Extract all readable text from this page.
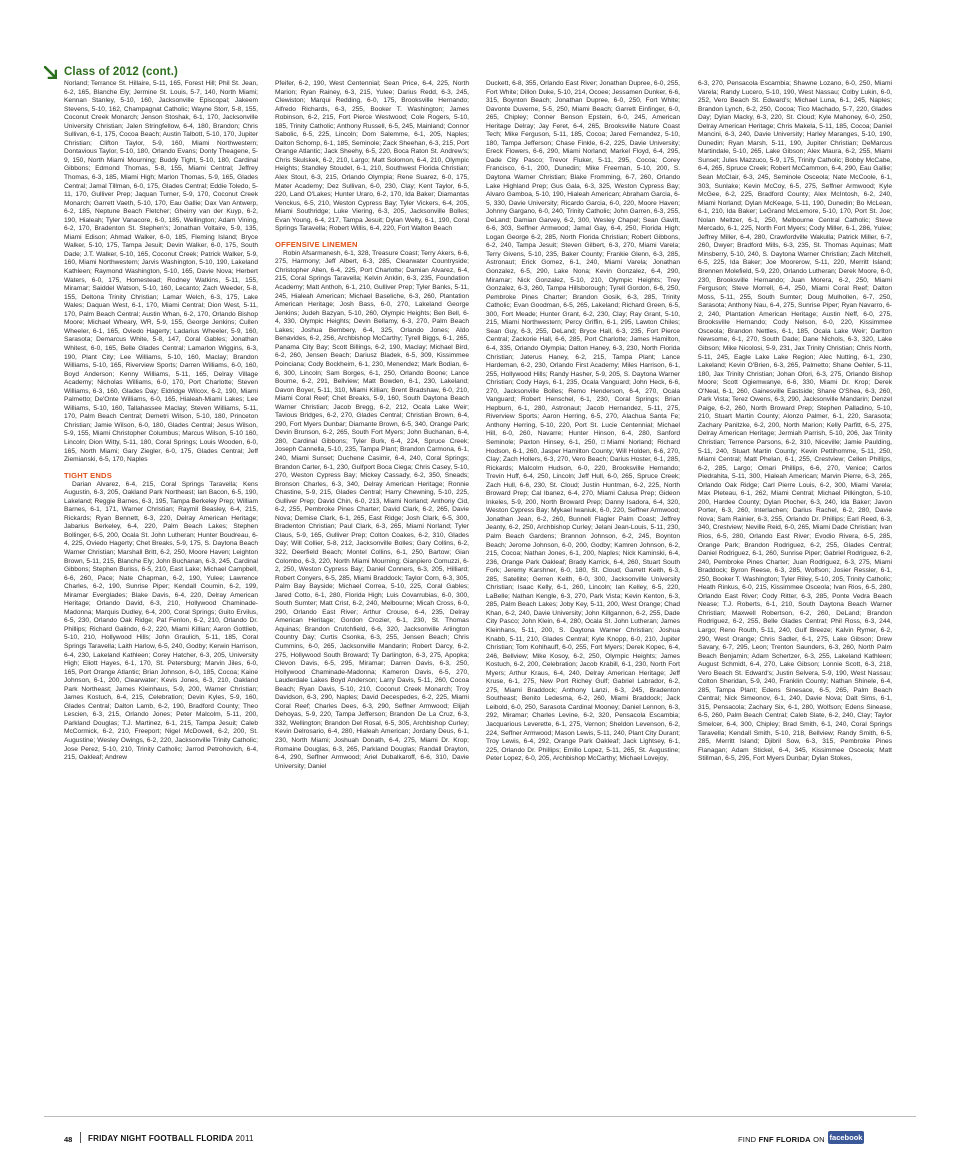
Class of 2012 (cont.)

Norland; Terrance St. Hillaire, 5-11, 165, Forest Hill; Phil St. Jean, 6-2, 165, Blanche Ely; Jermine St. Louis, 5-7, 140, North Miami; Kennan Stanley, 5-10, 160, Jacksonville Episcopal; Jakeem Stevens, 5-10, 162, Champagnat Catholic; Wayne Storr, 5-8, 155, Coconut Creek Monarch; Jenson Stoshak, 6-1, 170, Jacksonville University Christian; Jalen Stringfellow, 6-4, 180, Brandon; Chris Sullivan, 6-1, 175, Cocoa Beach; Austin Talbott, 5-10, 170, Jupiter Christian; Clifton Taylor, 5-9, 160, Miami Northwestern; Dontavious Taylor, 5-10, 180, Orlando Evans; Donty Theagene, 5-9, 150, North Miami Mourning; Buddy Tight, 5-10, 180, Cardinal Gibbons; Edmond Thomas, 5-8, 155, Miami Central; Jeffrey Thomas, 6-3, 185, Miami High; Marlon Thomas, 5-9, 165, Glades Central; Jamal Tillman, 6-0, 175, Glades Central; Eddie Toledo, 5-11, 170, Gulliver Prep; Jaquan Turner, 5-9, 170, Coconut Creek Monarch; Garrett Vaeth, 5-10, 170, Eau Gallie; Dax Van Antwerp, 6-2, 185, Neptune Beach Fletcher; Gheirry van der Kuyp, 6-2, 190, Hialeah; Tyler Vanacore, 6-0, 185, Wellington; Adam Vining, 6-2, 170, Bradenton St. Stephen's; Jonathan Voltaire, 5-9, 135, Miami Edison; Ahmad Walker, 6-0, 185, Fleming Island; Bryce Walker, 5-10, 175, Tampa Jesuit; Devin Walker, 6-0, 175, South Dade; J.T. Walker, 5-10, 165, Coconut Creek; Patrick Walker, 5-9, 160, Miami Northwestern; Jarvis Washington, 5-10, 190, Lakeland Kathleen; Raymond Washington, 5-10, 165, Davie Nova; Herbert Waters, 6-0, 175, Homestead; Rodney Watkins, 5-11, 155, Miramar; Saiddel Watson, 5-10, 160, Lecanto; Zach Weeder, 5-8, 155, Deltona Trinity Christian; Lamar Welch, 6-3, 175, Lake Wales; Daquan West, 6-1, 170, Miami Central; Dion West, 5-11, 170, Palm Beach Central; Austin Whan, 6-2, 170, Orlando Bishop Moore; Michael Wheary, WR, 5-9, 155, George Jenkins; Cullen Wheeler, 6-1, 165, Oviedo Hagerty; Ladarius Wheeler, 5-9, 160, Sarasota; Demarcus White, 5-8, 147, Coral Gables; Jonathan Whitest, 6-0, 165, Belle Glades Central; Lamarlon Wiggins, 6-3, 190, Plant City; Lee Williams, 5-10, 160, Maclay; Brandon Williams, 5-10, 165, Riverview Sports; Darren Williams, 6-0, 160, Boyd Anderson; Kenny Williams, 5-11, 165, Delray Village Academy; Nicholas Williams, 6-0, 170, Port Charlotte; Steven Williams, 6-3, 160, Glades Day; Eldridge Wilcox, 6-2, 190, Miami Palmetto; De'Onte Williams, 6-0, 165, Hialeah-Miami Lakes; Lee Williams, 5-10, 160, Tallahassee Maclay; Steven Williams, 5-11, 170, Palm Beach Central; Demetri Wilson, 5-10, 180, Princeton Christian; Jamie Wilson, 6-0, 180, Glades Central; Jesus Wilson, 5-9, 155, Miami Christopher Columbus; Marcus Wilson, 5-10 160, Lincoln; Dion Witty, 5-11, 180, Coral Springs; Louis Wooden, 6-0, 165, North Miami; Gary Ziegler, 6-0, 175, Glades Central; Jeff Ziemianski, 6-5, 170, Naples

TIGHT ENDS

Darian Alvarez, 6-4, 215, Coral Springs Taravella; Kens Augustin, 6-3, 205, Oakland Park Northeast; Ian Bacon, 6-5, 190, Lakeland; Reggie Barnes, 6-3, 195, Tampa Berkeley Prep; William Barnes, 6-1, 171, Warner Christian; Raymil Beasley, 6-4, 215, Rickards; Ryan Bennett, 6-3, 220, Delray American Heritage; Jabarius Berkeley, 6-4, 220, Palm Beach Lakes; Stephen Bollinger, 6-5, 200, Ocala St. John Lutheran; Hunter Boudreau, 6-4, 225, Oviedo Hagerty; Chet Breaks, 5-9, 175, S. Daytona Beach Warner Christian; Marshall Britt, 6-2, 250, Moore Haven; Leighton Brown, 5-11, 215, Blanche Ely; John Buchanan, 6-3, 245, Cardinal Gibbons; Stephen Buriss, 6-5, 210, East Lake; Michael Campbell, 6-6, 260, Pace; Nate Chapman, 6-2, 190, Yulee; Lawrence Charles, 6-2, 190, Sunrise Piper; Kendall Coumin, 6-2, 199, Miramar Everglades; Blake Davis, 6-4, 220, Delray American Heritage; Orlando David, 6-3, 210, Hollywood Chaminade-Madonna; Marquis Dudley, 6-4, 200, Coral Springs; Guito Ervilus, 6-5, 230, Orlando Oak Ridge; Pat Fenlon, 6-2, 210, Orlando Dr. Phillips; Richard Galindo, 6-2, 220, Miami Killian; Aaron Gottlieb, 5-10, 210, Hollywood Hills; John Graulich, 5-11, 185, Coral Springs Taravella; Laith Harlow, 6-5, 240, Godby; Kerwin Harrison, 6-4, 230, Lakeland Kathleen; Corey Hatcher, 6-3, 205, University High; Eliott Hayes, 6-1, 170, St. Petersburg; Marvin Jiles, 6-0, 165, Port Orange Atlantic; Brian Johnson, 6-0, 185, Cocoa; Kaine Johnson, 6-1, 200, Clearwater; Kevis Jones, 6-3, 210, Oakland Park Northeast; James Kleinhaus, 5-9, 200, Warner Christian; James Kostuch, 6-4, 215, Celebration; Devin Kyles, 5-9, 160, Glades Central; Dalton Lamb, 6-2, 190, Bradford County; Theo Lescien, 6-3, 215, Orlando Jones; Peter Malcolm, 5-11, 200, Parkland Douglas; T.J. Martinez, 6-1, 215, Tampa Jesuit; Caleb McCormick, 6-2, 210, Freeport; Nigel McDowell, 6-2, 200, St. Augustine; Wesley Owings, 6-2, 220, Jacksonville Trinity Catholic; Jose Perez, 5-10, 210, Trinity Catholic; Jarrod Petrohovich, 6-4, 215, Oakleaf; Andrew

Pfeifer, 6-2, 190, West Centennial; Sean Price, 6-4, 225, North Marion; Ryan Rainey, 6-3, 215, Yulee; Darius Redd, 6-3, 245, Clewiston; Marqui Redding, 6-0, 175, Brooksville Hernando; Alfredo Richards, 6-3, 255, Booker T. Washington; James Robinson, 6-2, 215, Fort Pierce Westwood; Cole Rogers, 5-10, 185, Trinity Catholic; Anthony Russell, 6-5, 245, Mainland; Connor Sabolic, 6-5, 225, Lincoln; Dom Salemme, 6-1, 205, Naples; Dalton Schomp, 6-1, 185, Seminole; Zack Sheehan, 6-3, 215, Port Orange Atlantic; Jack Sheehy, 6-5, 220, Boca Raton St. Andrew's; Chris Skulskek, 6-2, 210, Largo; Matt Solomon, 6-4, 210, Olympic Heights; Standley Stoudet, 6-1, 210, Southwest Florida Christian; Alex Stout, 6-3, 215, Orlando Olympia; Rene Suarez, 6-0, 175, Mater Academy; Dez Sullivan, 6-0, 230, Clay; Kent Taylor, 6-5, 220, Land O'Lakes; Hunter Uraro, 6-2, 170, Ida Baker; Diamantas Venckus, 6-5, 210, Weston Cypress Bay; Tyler Vickers, 6-4, 205, Miami Southridge; Luke Viering, 6-3, 205, Jacksonville Bolles; Evan Young, 6-4, 217, Tampa Jesuit; Dylan Welty, 6-1, 190, Coral Springs Taravella; Robert Willis, 6-4, 220, Fort Walton Beach

OFFENSIVE LINEMEN

Robin Afsarmanesh, 6-1, 328, Treasure Coast; Terry Akers, 6-6, 275, Harmony; Jeff Albert, 6-3, 285, Clearwater Countryside; Christopher Allen, 6-4, 225, Port Charlotte; Damian Alvarez, 6-4, 215, Coral Springs Taravella; Kelvin Anklin, 6-3, 235, Foundation Academy; Matt Anthoh, 6-1, 210, Gulliver Prep; Tyler Banks, 5-11, 245, Hialeah American; Michael Baseliche, 6-3, 260, Plantation American Heritage; Josh Bass, 6-0, 270, Lakeland George Jenkins; Judeh Bazyan, 5-10, 260, Olympic Heights; Ben Bell, 6-4, 330, Olympic Heights; Devin Bellamy, 6-3, 270, Palm Beach Lakes; Joshua Bembery, 6-4, 325, Orlando Jones; Aldo Benavides, 6-2, 256, Archbishop McCarthy; Tyrell Biggs, 6-1, 265, Panama City Bay; Scott Billings, 6-2, 190, Maclay; Michael Bird, 6-2, 260, Jensen Beach; Dariusz Bladek, 6-5, 309, Kissimmee Poinciana; Cody Bockheim, 6-1, 230, Menendez; Mark Bodian, 6-6, 300, Lincoln; Sam Borges, 6-1, 250, Orlando Boone; Lance Bourne, 6-2, 291, Bellview; Matt Bowden, 6-1, 230, Lakeland; Davon Boyer, 5-11, 310, Miami Killian; Brent Bradshaw, 6-0, 210, Miami Coral Reef; Chet Breaks, 5-9, 160, South Daytona Beach Warner Christian; Jacob Bregg, 6-2, 212, Ocala Lake Weir; Tavious Bridges, 6-2, 270, Glades Central; Christian Brown, 6-4, 290, Fort Myers Dunbar; Diamante Brown, 6-5, 340, Orange Park; Devin Brunson, 6-2, 265, South Fort Myers; John Buchanan, 6-4, 280, Cardinal Gibbons; Tyler Burk, 6-4, 224, Spruce Creek; Joseph Cannella, 5-10, 235, Tampa Plant; Brandon Carmona, 6-1, 240, Miami Sunset; Duchene Casimir, 6-4, 240, Coral Springs; Brandon Carter, 6-1, 230, Gulfport Boca Ciega; Chris Casey, 5-10, 270, Weston Cypress Bay; Mickey Cassady, 6-2, 350, Sneads; Bronson Charles, 6-3, 340, Delray American Heritage; Ronnie Chastine, 5-9, 215, Glades Central; Harry Chewning, 5-10, 225, Gulliver Prep; David Chin, 6-0, 213, Miami Norland; Anthony Cid, 6-2, 255, Pembroke Pines Charter; David Clark, 6-2, 265, Davie Nova; Demise Clark, 6-1, 265, East Ridge; Josh Clark, 6-5, 300, Bradenton Christian; Paul Clark, 6-3, 265, Miami Norland; Tyler Claus, 5-9, 165, Gulliver Prep; Colton Coakes, 6-2, 310, Glades Day; Will Collier, 5-8, 212, Jacksonville Bolles; Gary Collins, 6-2, 322, Deerfield Beach; Montel Collins, 6-1, 250, Bartow; Gian Colombo, 6-3, 220, North Miami Mourning; Gianpiero Comuzzi, 6-2, 250, Weston Cypress Bay; Daniel Conners, 6-3, 205, Hilliard; Robert Conyers, 6-5, 285, Miami Braddock; Taylor Corn, 6-3, 305, Palm Bay Bayside; Michael Correa, 5-10, 225, Coral Gables; Jared Cotto, 6-1, 280, Florida High; Luis Covarrubias, 6-0, 300, South Sumter; Matt Crist, 6-2, 240, Melbourne; Micah Cross, 6-0, 290, Orlando East River; Arthur Crouse, 6-4, 235, Delray American Heritage; Gordon Crozier, 6-1, 230, St. Thomas Aquinas; Brandon Crutchfield, 6-6, 320, Jacksonville Arlington Country Day; Curtis Csonka, 6-3, 255, Jensen Beach; Chris Cummins, 6-0, 265, Jacksonville Mandarin; Robert Darcy, 6-2, 275, Hollywood South Broward; Ty Darlington, 6-3, 275, Apopka; Clevon Davis, 6-5, 295, Miramar; Darren Davis, 6-3, 250, Hollywood Chaminade-Madonna; Kameron Davis, 6-5, 270, Lauderdale Lakes Boyd Anderson; Larry Davis, 5-11, 260, Cocoa Beach; Ryan Davis, 5-10, 210, Coconut Creek Monarch; Troy Davidson, 6-3, 290, Naples; David Decespedes, 6-2, 225, Miami Coral Reef; Charles Dees, 6-3, 290, Seffner Armwood; Elijah Dehoyas, 5-9, 220, Tampa Jefferson; Brandon De La Cruz, 6-3, 332, Wellington; Brandon Del Rosal, 6-5, 305, Archbishop Curley; Kevin Delrosario, 6-4, 280, Hialeah American; Jordany Deus, 6-1, 230, North Miami; Joshuah Donath, 6-4, 275, Miami Dr. Krop; Romaine Douglas, 6-3, 265, Parkland Douglas; Randall Drayton, 6-4, 290, Seffner Armwood; Ariel Dubalkaroff, 6-6, 310, Davie University; Daniel

Duckett, 6-8, 355, Orlando East River; Jonathan Dupree, 6-0, 255, Fort White; Dillon Duke, 5-10, 214, Ocoee; Jessamen Dunker, 6-6, 315, Boynton Beach; Jonathan Dupree, 6-0, 250, Fort White; Davonte Duverne, 5-5, 250, Miami Beach; Garrett Einfinger, 6-0, 265, Chipley; Conner Benson Epstein, 6-0, 245, American Heritage Delray; Jay Feret, 6-4, 265, Brooksville Nature Coast Tech; Mike Ferguson, 5-11, 185, Cocoa; Jared Fernandez, 5-10, 180, Tampa Jefferson; Chase Finkle, 6-2, 225, Davie University; Ereck Flowers, 6-6, 290, Miami Norland; Markel Floyd, 6-4, 295, Dade City Pasco; Trevor Fluker, 5-11, 295, Cocoa; Corey Francisco, 6-1, 200, Dunedin; Mike Freeman, 5-10, 200, S. Daytona Warner Christian; Blake Fromming, 6-7, 260, Orlando Lake Highland Prep; Gus Gala, 6-3, 325, Weston Cypress Bay; Alvaro Gamboa, 5-10, 190, Hialeah American; Abraham Garcia, 6-5, 330, Davie University; Ricardo Garcia, 6-0, 220, Moore Haven; Johnny Gargano, 6-0, 240, Trinity Catholic; John Garren, 6-3, 255, DeLand; Damian Garvey, 6-2, 300, Wesley Chapel; Sean Gavitt, 6-6, 303, Seffner Armwood; Jamal Gay, 6-4, 250, Florida High; Logan George 6-2, 285, North Florida Christian; Robert Gibbons, 6-2, 240, Tampa Jesuit; Steven Gilbert, 6-3, 270, Miami Varela; Terry Givens, 5-10, 235, Baker County; Frankie Glenn, 6-3, 285, Astronaut; Erick Gomez, 6-1, 240, Miami Varela; Jonathan Gonzalez, 6-5, 290, Lake Nona; Kevin Gonzalez, 6-4, 290, Miramar; Nick Gonzalez, 5-10, 210, Olympic Heights; Trey Gonzalez, 6-3, 260, Tampa Hillsborough; Tyrell Gordon, 6-6, 250, Pembroke Pines Charter; Brandon Gosik, 6-3, 285, Trinity Catholic; Evan Goodman, 6-5, 265, Lakeland; Richard Green, 6-5, 300, Fort Meade; Hunter Grant, 6-2, 230, Clay; Ray Grant, 5-10, 215, Miami Northwestern; Percy Griffin, 6-1, 295, Lawton Chiles; Sean Guy, 6-3, 255, DeLand; Bryce Hall, 6-3, 235, Fort Pierce Central; Zackorie Hall, 6-6, 285, Port Charlotte; James Hamilton, 6-4, 335, Orlando Olympia; Dalton Haney, 6-3, 230, North Florida Christian; Jaterus Haney, 6-2, 215, Tampa Plant; Lance Hardeman, 6-2, 230, Orlando First Academy; Miles Harrison, 6-1, 255, Hollywood Hills; Randy Hasher, 5-9, 205, S. Daytona Warner Christian; Cody Hays, 6-1, 235, Ocala Vanguard; John Heck, 6-6, 270, Jacksonville Bolles; Remo Henderson, 6-4, 270, Ocala Vanguard; Robert Henschel, 6-1, 230, Coral Springs; Brian Hepburn, 6-1, 280, Astronaut; Jacob Hernandez, 5-11, 275, Riverview Sports; Aaron Herring, 6-5, 270, Alachua Santa Fe; Anthony Herring, 5-10, 220, Port St. Lucie Centennial; Michael Hill, 6-0, 260, Navarre; Hunter Hinson, 6-4, 280, Sanford Seminole; Paxton Hinsey, 6-1, 250, □Miami Norland; Richard Hodson, 6-1, 260, Jasper Hamilton County; Will Holden, 6-6, 270, Clay; Zach Hollers, 6-3, 270, Vero Beach; Darius Hoster, 6-1, 285, Rickards; Malcolm Hudson, 6-0, 220, Brooksville Hernando; Trevin Huff, 6-4, 250, Lincoln; Jeff Hull, 6-0, 265, Spruce Creek; Zach Hull, 6-6, 230, St. Cloud; Justin Huntman, 6-2, 225, North Broward Prep; Cal Ibanez, 6-4, 270, Miami Calusa Prep; Gideon Inkeles, 5-9, 200, North Broward Prep; Danny Isadora, 6-4, 320, Weston Cypress Bay; Mykael Iwaniuk, 6-0, 220, Seffner Armwood; Jonathan Jean, 6-2, 260, Bunnell Flagler Palm Coast; Jeffrey Jeanty, 6-2, 250, Archbishop Curley; Jelani Jean-Louis, 5-11, 230, Palm Beach Gardens; Brannon Johnson, 6-2, 245, Boynton Beach; Jerome Johnson, 6-0, 200, Godby; Kamren Johnson, 6-2, 215, Cocoa; Nathan Jones, 6-1, 200, Naples; Nick Kaminski, 6-4, 236, Orange Park Oakleaf; Brady Karrick, 6-4, 260, Stuart South Fork; Jeremy Karshner, 6-0, 180, St. Cloud; Garrett Keith, 6-3, 285, Satellite; Gerren Keith, 6-0, 300, Jacksonville University Christian; Isaac Kelly, 6-1, 260, Lincoln; Ian Kelley, 6-5, 220, LaBelle; Nathan Kengle, 6-3, 270, Park Vista; Kevin Kenton, 6-3, 285, Palm Beach Lakes; Joby Key, 5-11, 200, West Orange; Chad Khan, 6-2, 240, Davie University; John Killgannon, 6-2, 255, Dade City Pasco; John Klein, 6-4, 280, Ocala St. John Lutheran; James Kleinhans, 5-11, 200, S. Daytona Warner Christian; Joshua Knabb, 5-11, 210, Glades Central; Kyle Knopp, 6-0, 210, Jupiter Christian; Tom Kohlhauff, 6-0, 255, Fort Myers; Derek Kopec, 6-4, 246, Bellview; Mike Kosoy, 6-2, 250, Olympic Heights; James Kostuch, 6-2, 200, Celebration; Jacob Krabill, 6-1, 230, North Fort Myers; Arthur Kraus, 6-4, 240, Delray American Heritage; Jeff Kruse, 6-1, 275, New Port Richey Gulf; Gabriel Labrador, 6-2, 275, Miami Braddock; Anthony Lanzi, 6-3, 245, Bradenton Southeast; Benito Ledesma, 6-2, 260, Miami Braddock; Jack Leibold, 6-0, 250, Sarasota Cardinal Mooney; Daniel Lennon, 6-3, 292, Miramar; Charles Levine, 6-2, 320, Pensacola Escambia; Jacquarious Leverette, 6-1, 275, Vernon; Sheldon Levenson, 6-2, 224, Seffner Armwood; Mason Lewis, 5-11, 240, Plant City Durant; Troy Lewis, 6-4, 292, Orange Park Oakleaf; Jack Lightsey, 6-1, 225, Orlando Dr. Phillips; Emilio Lopez, 5-11, 265, St. Augustine; Peter Lopez, 6-0, 205, Archbishop McCarthy; Michael Lovejoy,

6-3, 270, Pensacola Escambia; Shawne Lozano, 6-0, 250, Miami Varela; Randy Lucero, 5-10, 190, West Nassau; Colby Lukin, 6-0, 252, Vero Beach St. Edward's; Michael Luna, 6-1, 245, Naples; Brandon Lynch, 6-2, 250, Cocoa; Tico Machado, 5-7, 220, Glades Day; Dylan Macky, 6-3, 220, St. Cloud; Kyle Mahoney, 6-0, 250, Delray American Heritage; Chris Makela, 5-11, 185, Cocoa; Daniel Mancini, 6-3, 240, Davie University; Harley Maranges, 5-10, 190, Dunedin; Ryan Marsh, 5-11, 190, Jupiter Christian; DeMarcus Martindale, 5-10, 265, Lake Gibson; Alex Maura, 6-2, 255, Miami Sunset; Jules Mazzuco, 5-9, 175, Trinity Catholic; Bobby McCabe, 6-4, 265, Spruce Creek; Robert McCammon, 6-4, 290, Eau Gallie; Sean McClair, 6-3, 245, Seminole Osceola; Nate McCoole, 6-1, 303, Sunlake; Kevin McCoy, 6-5, 275, Seffner Armwood; Kyle McGee, 6-2, 225, Bradford County; Alex McIntosh, 6-2, 240, Miami Norland; Dylan McKeage, 5-11, 190, Dunedin; Bo McLean, 6-1, 210, Ida Baker; LeGrand McLemore, 5-10, 170, Port St. Joe; Nolan Meltzer, 6-1, 250, Melbourne Central Catholic; Steve Mercado, 6-1, 225, North Fort Myers; Cody Miller, 6-1, 286, Yulee; Jeffrey Miller, 6-4, 280, Crawfordville Wakulla; Patrick Miller, 6-7, 260, Dwyer; Bradford Mills, 6-3, 235, St. Thomas Aquinas; Matt Minsberry, 5-10, 240, S. Daytona Warner Christian; Zach Mitchell, 6-5, 225, Ida Baker; Joe Moorerow, 5-11, 220, Merritt Island; Brennen Molefield, 5-9, 220, Orlando Lutheran; Derek Moore, 6-0, 230, Brooksville Hernando; Juan Morera, 6-2, 250, Miami Ferguson; Steve Morrell, 6-4, 250, Miami Coral Reef; Dalton Moss, 5-11, 255, South Sumter; Doug Mulhollen, 6-7, 250, Sarasota; Anthony Nau, 6-4, 275, Sunrise Piper; Ryan Navarro, 6-2, 240, Plantation American Heritage; Austin Neff, 6-0, 275, Brooksville Hernando; Cody Nelson, 6-0, 220, Kissimmee Osceola; Brandon Nettles, 6-1, 185, Ocala Lake Weir; Darlton Newsome, 6-1, 270, South Dade; Dane Nichols, 6-3, 320, Lake Gibson; Mike Nicolosi, 5-9, 231, Jax Trinity Christian; Chris North, 5-11, 245, Eagle Lake Lake Region; Alec Nutting, 6-1, 230, Lakeland; Kevin O'Brien, 6-3, 265, Palmetto; Shane Oehler, 5-11, 180, Jax Trinity Christian; Johan Ofori, 6-3, 275, Orlando Bishop Moore; Scott Ogiemwanye, 6-6, 330, Miami Dr. Krop; Derek O'Neal, 6-1, 260, Gainesville Eastside; Shane O'Shea, 6-3, 260, Park Vista; Terez Owens, 6-3, 290, Jacksonville Mandarin; Denzel Paige, 6-2, 260, North Broward Prep; Stephen Palladino, 5-10, 210, Stuart Martin County; Alonzo Palmer, 6-1, 220, Sarasota; Zachary Panitzke, 6-2, 200, North Marion; Kelly Parfitt, 6-5, 275, Delray American Heritage; Jermiah Parrish, 5-10, 206, Jax Trinity Christian; Terrence Parsons, 6-2, 310, Niceville; Jamie Paulding, 5-11, 240, Stuart Martin County; Kevin Pettihomme, 5-11, 250, Miami Central; Matt Phelan, 6-1, 255, Crestview; Cellen Phillips, 6-2, 285, Largo; Omari Phillips, 6-6, 270, Venice; Carlos Piedrahita, 5-11, 300, Hialeah American; Marvin Pierre, 6-3, 265, Orlando Oak Ridge; Carl Pierre Louis, 6-2, 300, Miami Varela; Max Pleteau, 6-1, 262, Miami Central; Michael Pilkington, 5-10, 200, Hardee County; Dylan Plocher, 6-3, 240, Ida Baker; Javon Porter, 6-3, 260, Interlachen; Darius Rachel, 6-2, 280, Davie Nova; Sam Rainier, 6-3, 255, Orlando Dr. Phillips; Earl Reed, 6-3, 340, Crestview; Neville Reid, 6-0, 265, Miami Dade Christian; Ivan Rios, 6-5, 280, Orlando East River; Evodio Rivera, 6-5, 285, Orange Park; Brandon Rodriguez, 6-2, 255, Glades Central; Daniel Rodriguez, 6-1, 260, Sunrise Piper; Gabriel Rodriguez, 6-2, 240, Pembroke Pines Charter; Juan Rodriguez, 6-3, 275, Miami Braddock; Byron Reese, 6-3, 285, Wolfson; Josier Ressler, 6-1, 250, Booker T. Washington; Tyler Riley, 5-10, 205, Trinity Catholic; Heath Rinkus, 6-0, 215, Kissimmee Osceola; Ivan Rios, 6-5, 280, Orlando East River; Cody Ritter, 6-3, 285, Ponte Vedra Beach Nease; T.J. Roberts, 6-1, 210, South Daytona Beach Warner Christian; Maxwell Robertson, 6-2, 260, DeLand; Brandon Rodriguez, 6-2, 255, Belle Glades Central; Phil Ross, 6-3, 244, Largo; Reno Routh, 5-11, 240, Gulf Breeze; Kalvin Rymer, 6-2, 290, West Orange; Chris Sadler, 6-1, 275, Lake Gibson; Drew Savary, 6-7, 295, Leon; Trenton Saunders, 6-3, 260, North Palm Beach Benjamin; Adam Schertzer, 6-3, 255, Lakeland Kathleen; August Schmidt, 6-4, 270, Lake Gibson; Lonnie Scott, 6-3, 218, Vero Beach St. Edward's; Justin Selvera, 5-9, 190, West Nassau; Colton Sheridan, 5-9, 240, Franklin County; Nathan Shinele, 6-4, 285, Tampa Plant; Edens Sinesace, 6-5, 265, Palm Beach Central; Nick Simeonov, 6-1, 240, Davie Nova; Dalt Sims, 6-1, 315, Pensacola; Zachary Six, 6-1, 280, Wolfson; Edens Sinease, 6-5, 260, Palm Beach Central; Caleb Slate, 6-2, 240, Clay; Taylor Smelcer, 6-4, 300, Chipley; Brad Smith, 6-1, 240, Coral Springs Taravella; Kendall Smith, 5-10, 218, Bellview; Randy Smith, 6-5, 285, Merritt Island; Djibril Sow, 6-3, 315, Pembroke Pines Flanagan; Adam Stickel, 6-4, 345, Kissimmee Osceola; Matt Stillman, 6-5, 295, Fort Myers Dunbar; Dylan Stokes,

48 FRIDAY NIGHT FOOTBALL FLORIDA 2011	FIND FNF FLORIDA ON facebook
